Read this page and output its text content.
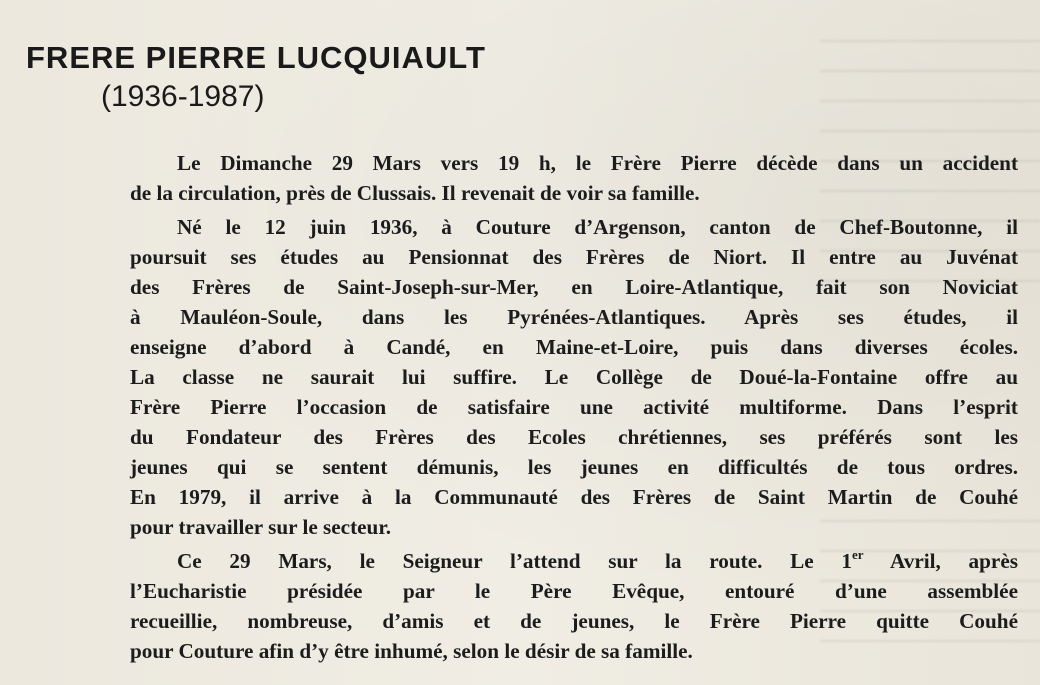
FRERE PIERRE LUCQUIAULT
(1936-1987)

Le Dimanche 29 Mars vers 19 h, le Frère Pierre décède dans un accident
de la circulation, près de Clussais. Il revenait de voir sa famille.

Né le 12 juin 1936, à Couture d’Argenson, canton de Chef-Boutonne, il
poursuit ses études au Pensionnat des Frères de Niort. Il entre au Juvénat
des Frères de Saint-Joseph-sur-Mer, en Loire-Atlantique, fait son Noviciat
à Mauléon-Soule, dans les Pyrénées-Atlantiques. Après ses études, il
enseigne d’abord à Candé, en Maine-et-Loire, puis dans diverses écoles.
La classe ne saurait lui suffire. Le Collège de Doué-la-Fontaine offre au
Frère Pierre l’occasion de satisfaire une activité multiforme. Dans l’esprit
du Fondateur des Frères des Ecoles chrétiennes, ses préférés sont les
jeunes qui se sentent démunis, les jeunes en difficultés de tous ordres.
En 1979, il arrive à la Communauté des Frères de Saint Martin de Couhé
pour travailler sur le secteur.

Ce 29 Mars, le Seigneur l’attend sur la route. Le 1er Avril, après
l’Eucharistie présidée par le Père Evêque, entouré d’une assemblée
recueillie, nombreuse, d’amis et de jeunes, le Frère Pierre quitte Couhé
pour Couture afin d’y être inhumé, selon le désir de sa famille.
